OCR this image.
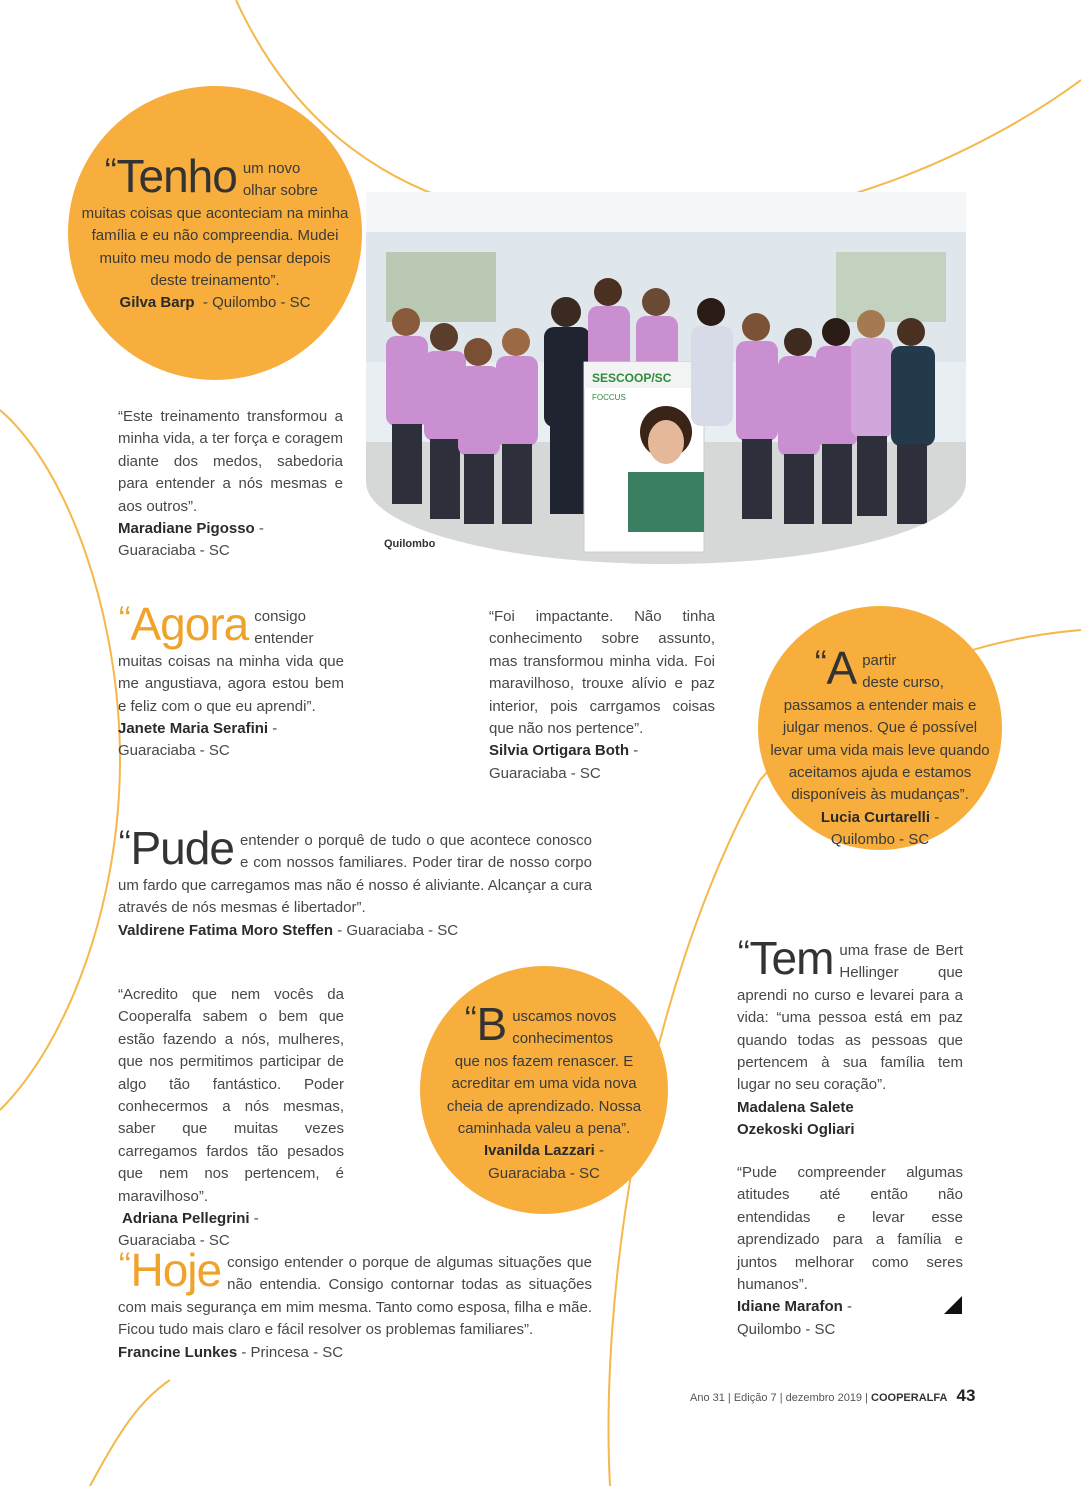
‘‘Tenho um novo
olhar sobre
muitas coisas que aconteciam na minha família e eu não compreendia. Mudei muito meu modo de pensar depois deste treinamento”.
Gilva Barp - Quilombo - SC
SESCOOP/SC
FOCCUS
Quilombo
“Este treinamento transformou a minha vida, a ter força e coragem diante dos medos, sabedoria para entender a nós mesmas e aos outros”.
Maradiane Pigosso -
Guaraciaba - SC
‘‘Agora consigo entender muitas coisas na minha vida que me angustiava, agora estou bem e feliz com o que eu aprendi”.
Janete Maria Serafini -
Guaraciaba - SC
“Foi impactante. Não tinha conhecimento sobre assunto, mas transformou minha vida. Foi maravilhoso, trouxe alívio e paz interior, pois carrgamos coisas que não nos pertence”.
Silvia Ortigara Both -
Guaraciaba - SC
‘‘A partir
deste curso,
passamos a entender mais e julgar menos. Que é possível levar uma vida mais leve quando aceitamos ajuda e estamos disponíveis às mudanças”.
Lucia Curtarelli -
Quilombo - SC
‘‘Pude entender o porquê de tudo o que acontece conosco e com nossos familiares. Poder tirar de nosso corpo um fardo que carregamos mas não é nosso é aliviante. Alcançar a cura através de nós mesmas é libertador”.
Valdirene Fatima Moro Steffen - Guaraciaba - SC
‘‘Tem uma frase de Bert Hellinger que aprendi no curso e levarei para a vida: “uma pessoa está em paz quando todas as pessoas que pertencem à sua família tem lugar no seu coração”.
Madalena Salete
Ozekoski Ogliari
“Acredito que nem vocês da Cooperalfa sabem o bem que estão fazendo a nós, mulheres, que nos permitimos participar de algo tão fantástico. Poder conhecermos a nós mesmas, saber que muitas vezes carregamos fardos tão pesados que nem nos pertencem, é maravilhoso”.
Adriana Pellegrini -
Guaraciaba - SC
‘‘B uscamos novos
conhecimentos
que nos fazem renascer. E acreditar em uma vida nova cheia de aprendizado. Nossa caminhada valeu a pena”.
Ivanilda Lazzari -
Guaraciaba - SC	“Pude compreender algumas atitudes até então não entendidas e levar esse aprendizado para a família e juntos melhorar como seres humanos”.
Idiane Marafon -
Quilombo - SC
‘‘Hoje consigo entender o porque de algumas situações que não entendia. Consigo contornar todas as situações com mais segurança em mim mesma. Tanto como esposa, filha e mãe. Ficou tudo mais claro e fácil resolver os problemas familiares”.
Francine Lunkes - Princesa - SC
Ano 31 | Edição 7 | dezembro 2019 | COOPERALFA 43
